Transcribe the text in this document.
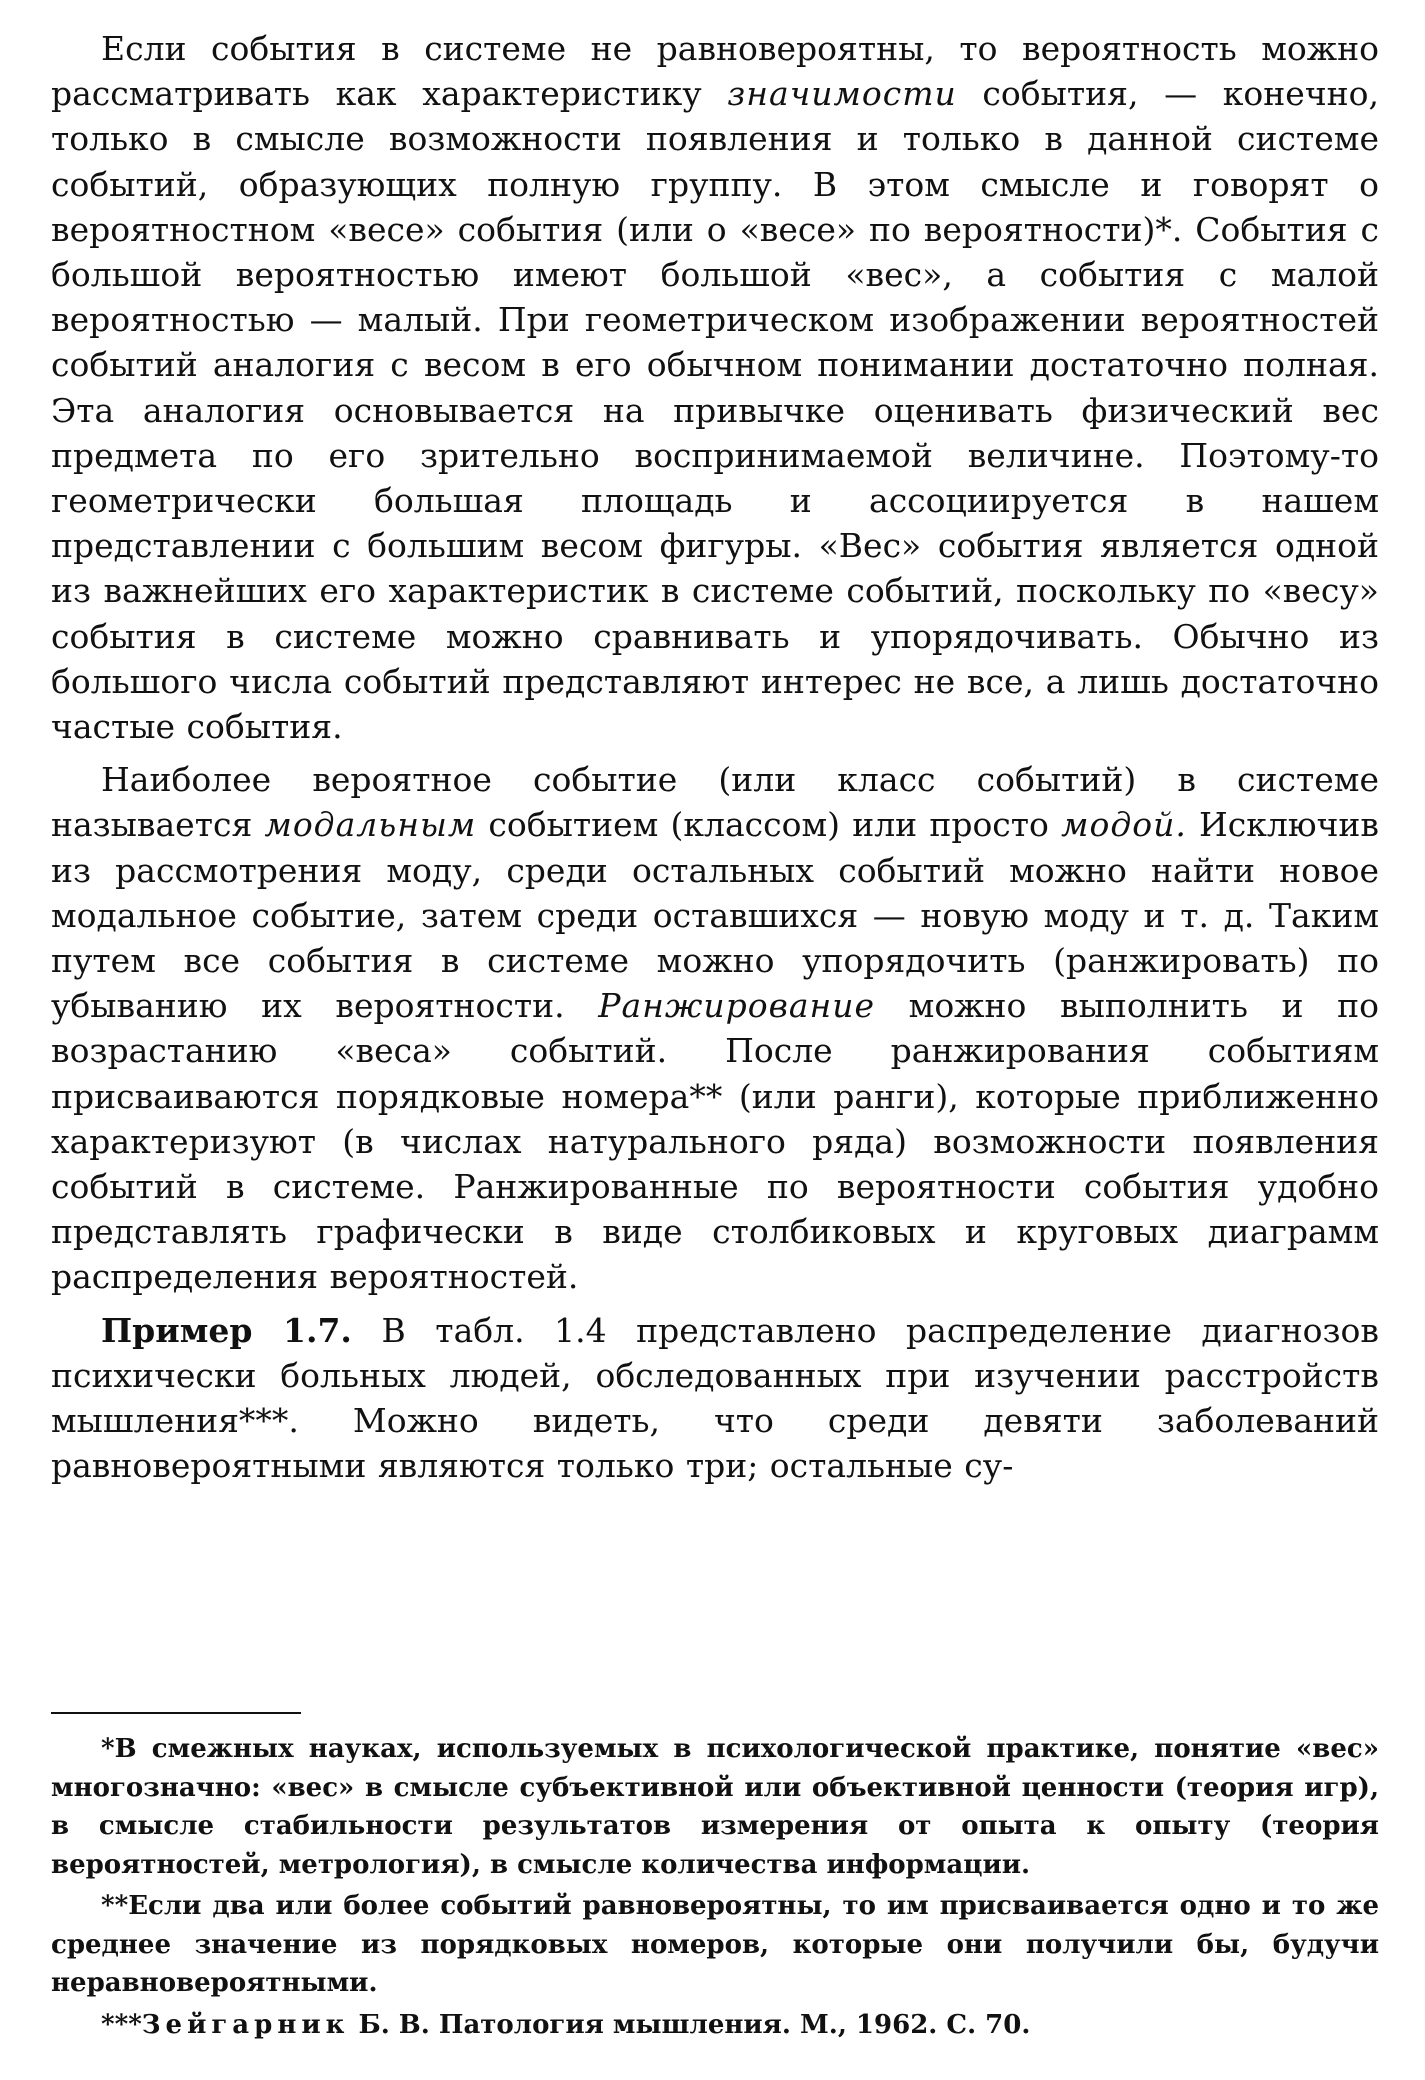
Если события в системе не равновероятны, то вероятность можно рассматривать как характеристику значимости события, — конечно, только в смысле возможности появления и только в данной системе событий, образующих полную группу. В этом смысле и говорят о вероятностном «весе» события (или о «весе» по вероятности)*. События с большой вероятностью имеют большой «вес», а события с малой вероятностью — малый. При геометрическом изображении вероятностей событий аналогия с весом в его обычном понимании достаточно полная. Эта аналогия основывается на привычке оценивать физический вес предмета по его зрительно воспринимаемой величине. Поэтому-то геометрически большая площадь и ассоциируется в нашем представлении с большим весом фигуры. «Вес» события является одной из важнейших его характеристик в системе событий, поскольку по «весу» события в системе можно сравнивать и упорядочивать. Обычно из большого числа событий представляют интерес не все, а лишь достаточно частые события.

Наиболее вероятное событие (или класс событий) в системе называется модальным событием (классом) или просто модой. Исключив из рассмотрения моду, среди остальных событий можно найти новое модальное событие, затем среди оставшихся — новую моду и т. д. Таким путем все события в системе можно упорядочить (ранжировать) по убыванию их вероятности. Ранжирование можно выполнить и по возрастанию «веса» событий. После ранжирования событиям присваиваются порядковые номера** (или ранги), которые приближенно характеризуют (в числах натурального ряда) возможности появления событий в системе. Ранжированные по вероятности события удобно представлять графически в виде столбиковых и круговых диаграмм распределения вероятностей.

Пример 1.7. В табл. 1.4 представлено распределение диагнозов психически больных людей, обследованных при изучении расстройств мышления***. Можно видеть, что среди девяти заболеваний равновероятными являются только три; остальные су-

*В смежных науках, используемых в психологической практике, понятие «вес» многозначно: «вес» в смысле субъективной или объективной ценности (теория игр), в смысле стабильности результатов измерения от опыта к опыту (теория вероятностей, метрология), в смысле количества информации.

**Если два или более событий равновероятны, то им присваивается одно и то же среднее значение из порядковых номеров, которые они получили бы, будучи неравновероятными.

***Зейгарник Б. В. Патология мышления. М., 1962. С. 70.
